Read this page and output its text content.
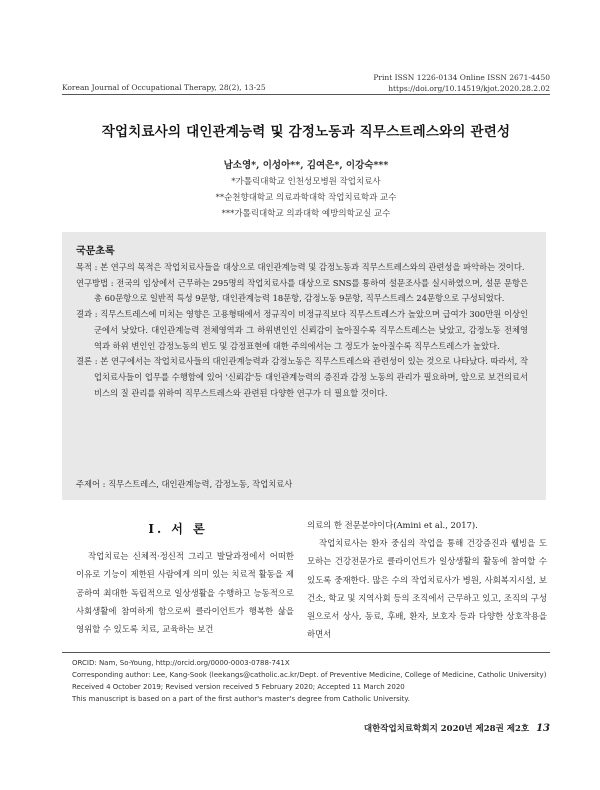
Print ISSN 1226-0134 Online ISSN 2671-4450
https://doi.org/10.14519/kjot.2020.28.2.02
Korean Journal of Occupational Therapy, 28(2), 13-25
작업치료사의 대인관계능력 및 감정노동과 직무스트레스와의 관련성
남소영*, 이성아**, 김여은*, 이강숙***
*가톨릭대학교 인천성모병원 작업치료사
**순천향대학교 의료과학대학 작업치료학과 교수
***가톨릭대학교 의과대학 예방의학교실 교수
국문초록
목적 : 본 연구의 목적은 작업치료사들을 대상으로 대인관계능력 및 감정노동과 직무스트레스와의 관련성을 파악하는 것이다.
연구방법 : 전국의 임상에서 근무하는 295명의 작업치료사를 대상으로 SNS를 통하여 설문조사를 실시하였으며, 설문 문항은 총 60문항으로 일반적 특성 9문항, 대인관계능력 18문항, 감정노동 9문항, 직무스트레스 24문항으로 구성되었다.
결과 : 직무스트레스에 미치는 영향은 고용형태에서 정규직이 비정규직보다 직무스트레스가 높았으며 급여가 300만원 이상인 군에서 낮았다. 대인관계능력 전체영역과 그 하위변인인 신뢰감이 높아질수록 직무스트레스는 낮았고, 감정노동 전체영역과 하위 변인인 감정노동의 빈도 및 감정표현에 대한 주의에서는 그 정도가 높아질수록 직무스트레스가 높았다.
결론 : 본 연구에서는 작업치료사들의 대인관계능력과 감정노동은 직무스트레스와 관련성이 있는 것으로 나타났다. 따라서, 작업치료사들이 업무를 수행함에 있어 '신뢰감'등 대인관계능력의 증진과 감정 노동의 관리가 필요하며, 앞으로 보건의료서비스의 질 관리를 위하여 직무스트레스와 관련된 다양한 연구가 더 필요할 것이다.
주제어 : 직무스트레스, 대인관계능력, 감정노동, 작업치료사
Ⅰ. 서 론
작업치료는 신체적·정신적 그리고 발달과정에서 어떠한 이유로 기능이 제한된 사람에게 의미 있는 치료적 활동을 제공하여 최대한 독립적으로 일상생활을 수행하고 능동적으로 사회생활에 참여하게 함으로써 클라이언트가 행복한 삶을 영위할 수 있도록 치료, 교육하는 보건
의료의 한 전문분야이다(Amini et al., 2017).
작업치료사는 환자 중심의 작업을 통해 건강증진과 웰빙을 도모하는 건강전문가로 클라이언트가 일상생활의 활동에 참여할 수 있도록 중재한다. 많은 수의 작업치료사가 병원, 사회복지시설, 보건소, 학교 및 지역사회 등의 조직에서 근무하고 있고, 조직의 구성원으로서 상사, 동료, 후배, 환자, 보호자 등과 다양한 상호작용을 하면서
ORCID: Nam, So-Young, http://orcid.org/0000-0003-0788-741X
Corresponding author: Lee, Kang-Sook (leekangs@catholic.ac.kr/Dept. of Preventive Medicine, College of Medicine, Catholic University)
Received 4 October 2019; Revised version received 5 February 2020; Accepted 11 March 2020
This manuscript is based on a part of the first author's master's degree from Catholic University.
대한작업치료학회지 2020년 제28권 제2호 13
